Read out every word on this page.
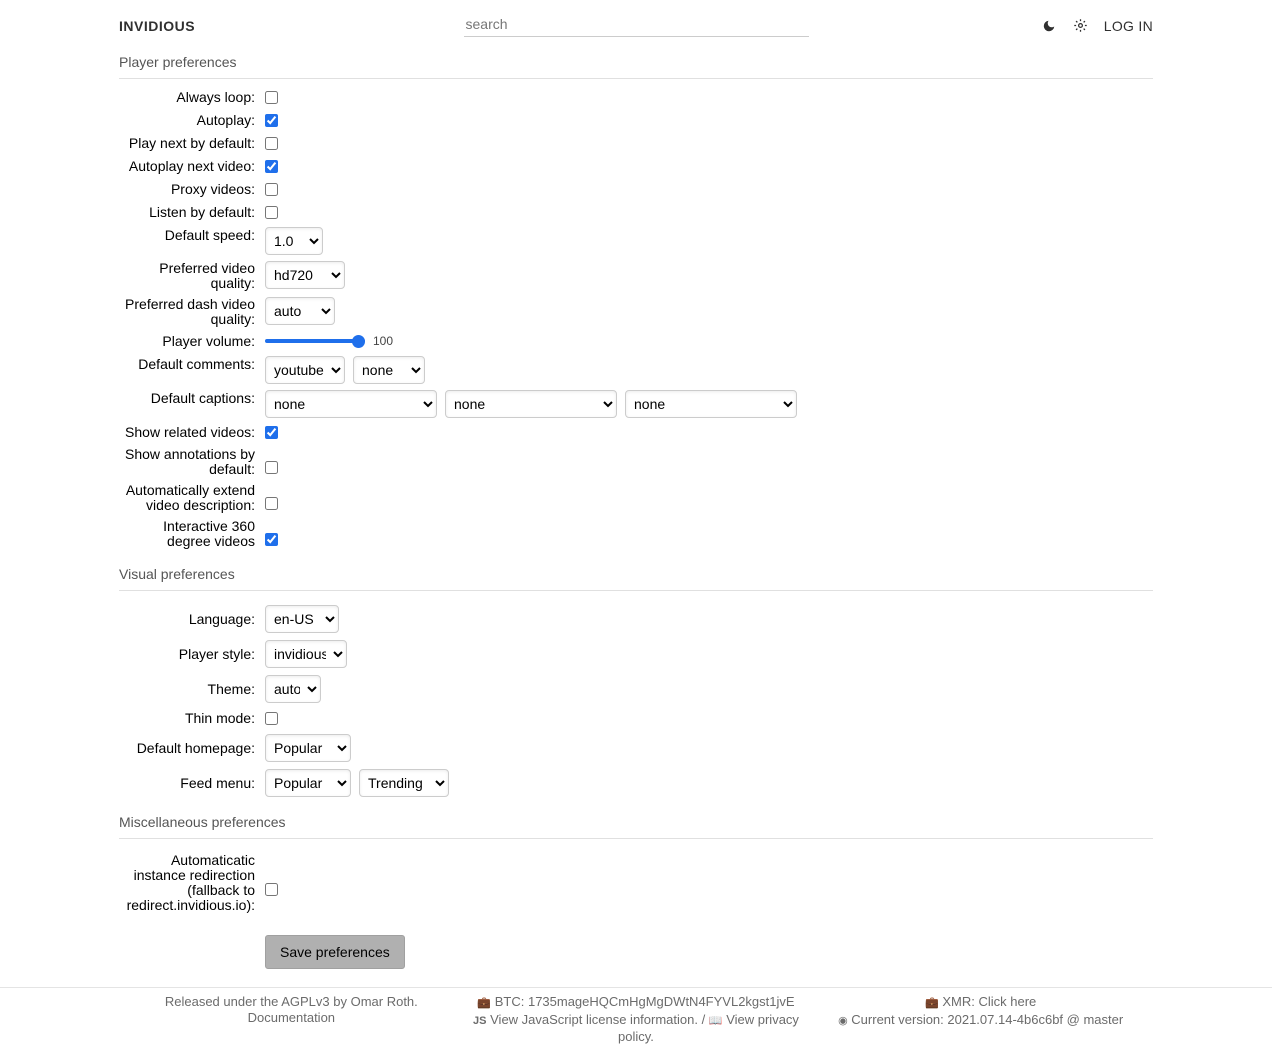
INVIDIOUS
search	LOG IN
Player preferences
Always loop:
Autoplay:
Play next by default:
Autoplay next video:
Proxy videos:
Listen by default:
Default speed:
1.0
Preferred video quality:
hd720
Preferred dash video quality:
auto
Player volume:	100
Default comments:
youtube
none
Default captions:
none
none
none
Show related videos:
Show annotations by default:
Automatically extend video description:
Interactive 360 degree videos
Visual preferences
Language:
en-US
Player style:
invidious
Theme:
auto
Thin mode:
Default homepage:
Popular
Feed menu:
Popular
Trending
Miscellaneous preferences
Automaticatic instance redirection (fallback to redirect.invidious.io):
Save preferences
Released under the AGPLv3 by Omar Roth.
Documentation
💼 BTC: 1735mageHQCmHgMgDWtN4FYVL2kgst1jvE
JS View JavaScript license information. / 📖 View privacy policy.
💼 XMR: Click here
◉ Current version: 2021.07.14-4b6c6bf @ master
